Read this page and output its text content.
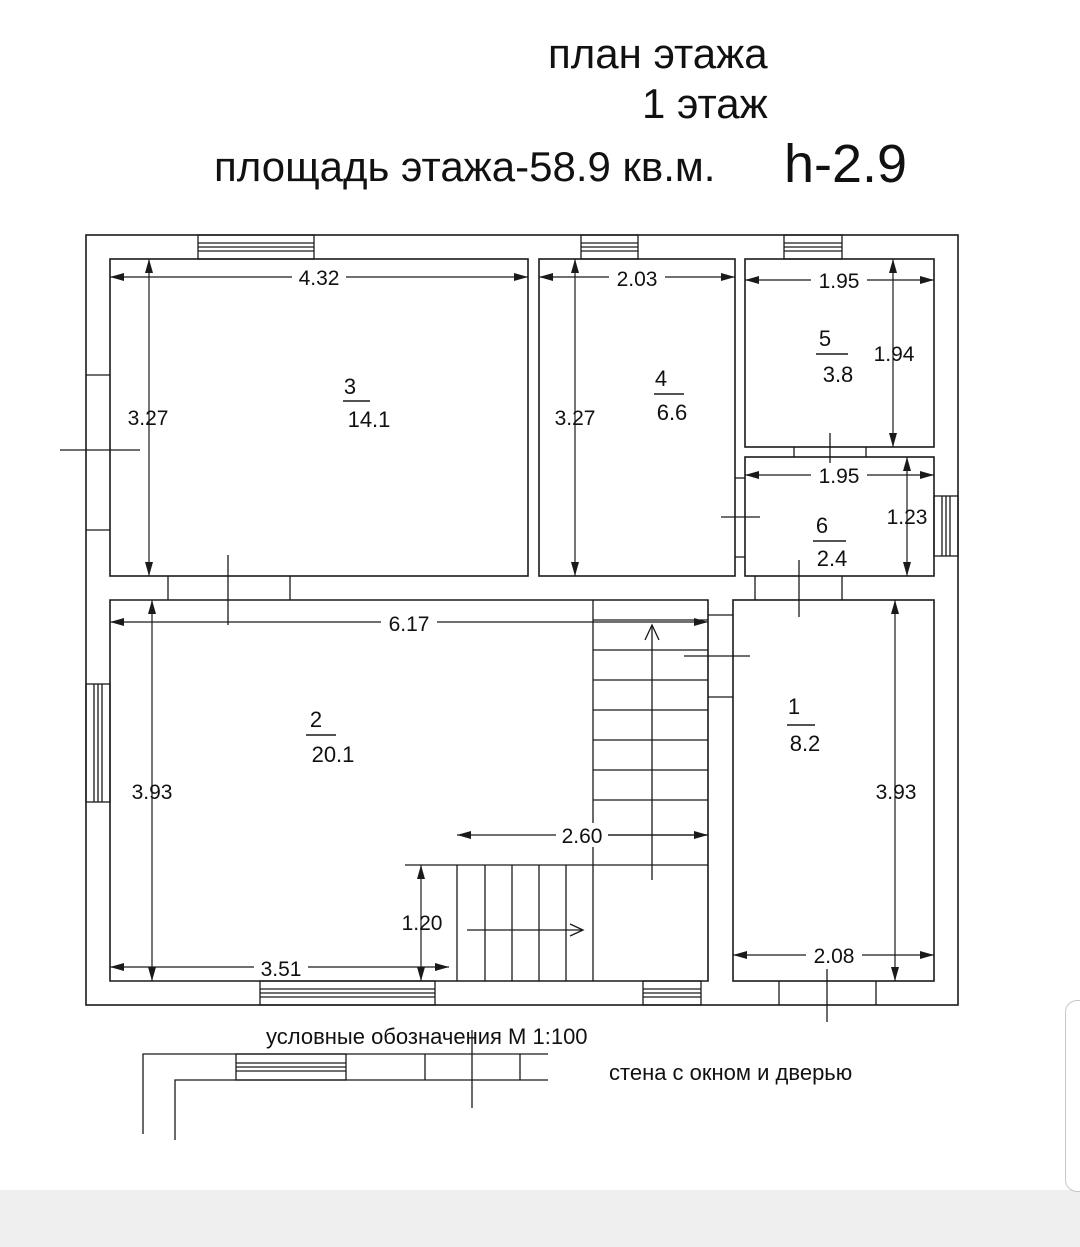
план этажа
1 этаж
площадь этажа-58.9 кв.м. h-2.9
3
14.1
4
6.6
5
3.8
6
2.4
2
20.1
1
8.2
4.32
3.27
2.03
3.27
1.95
1.94
1.95
1.23
6.17
3.93	3.93
2.08
2.60
1.20
3.51
условные обозначения М 1:100
стена с окном и дверью
